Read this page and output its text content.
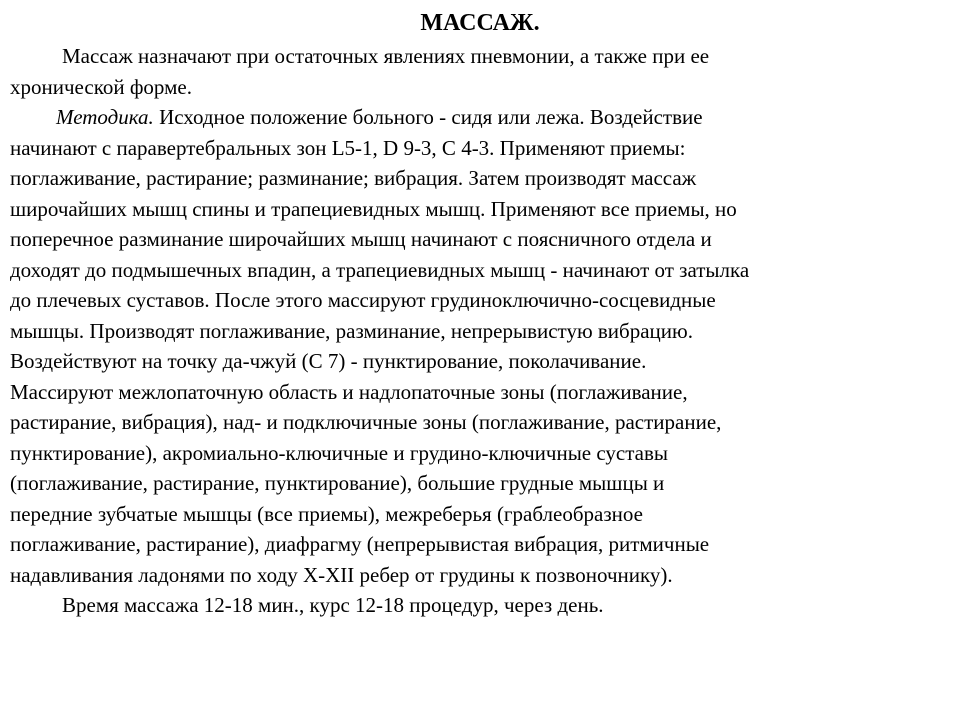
МАССАЖ.

Массаж назначают при остаточных явлениях пневмонии, а также при ее
хронической форме.

Методика. Исходное положение больного - сидя или лежа. Воздействие
начинают с паравертебральных зон L5-1, D 9-3, C 4-3. Применяют приемы:
поглаживание, растирание; разминание; вибрация. Затем производят массаж
широчайших мышц спины и трапециевидных мышц. Применяют все приемы, но
поперечное разминание широчайших мышц начинают с поясничного отдела и
доходят до подмышечных впадин, а трапециевидных мышц - начинают от затылка
до плечевых суставов. После этого массируют грудиноключично-сосцевидные
мышцы. Производят поглаживание, разминание, непрерывистую вибрацию.
Воздействуют на точку да-чжуй (С 7) - пунктирование, поколачивание.
Массируют межлопаточную область и надлопаточные зоны (поглаживание,
растирание, вибрация), над- и подключичные зоны (поглаживание, растирание,
пунктирование), акромиально-ключичные и грудино-ключичные суставы
(поглаживание, растирание, пунктирование), большие грудные мышцы и
передние зубчатые мышцы (все приемы), межреберья (граблеобразное
поглаживание, растирание), диафрагму (непрерывистая вибрация, ритмичные
надавливания ладонями по ходу X-XII ребер от грудины к позвоночнику).

Время массажа 12-18 мин., курс 12-18 процедур, через день.
